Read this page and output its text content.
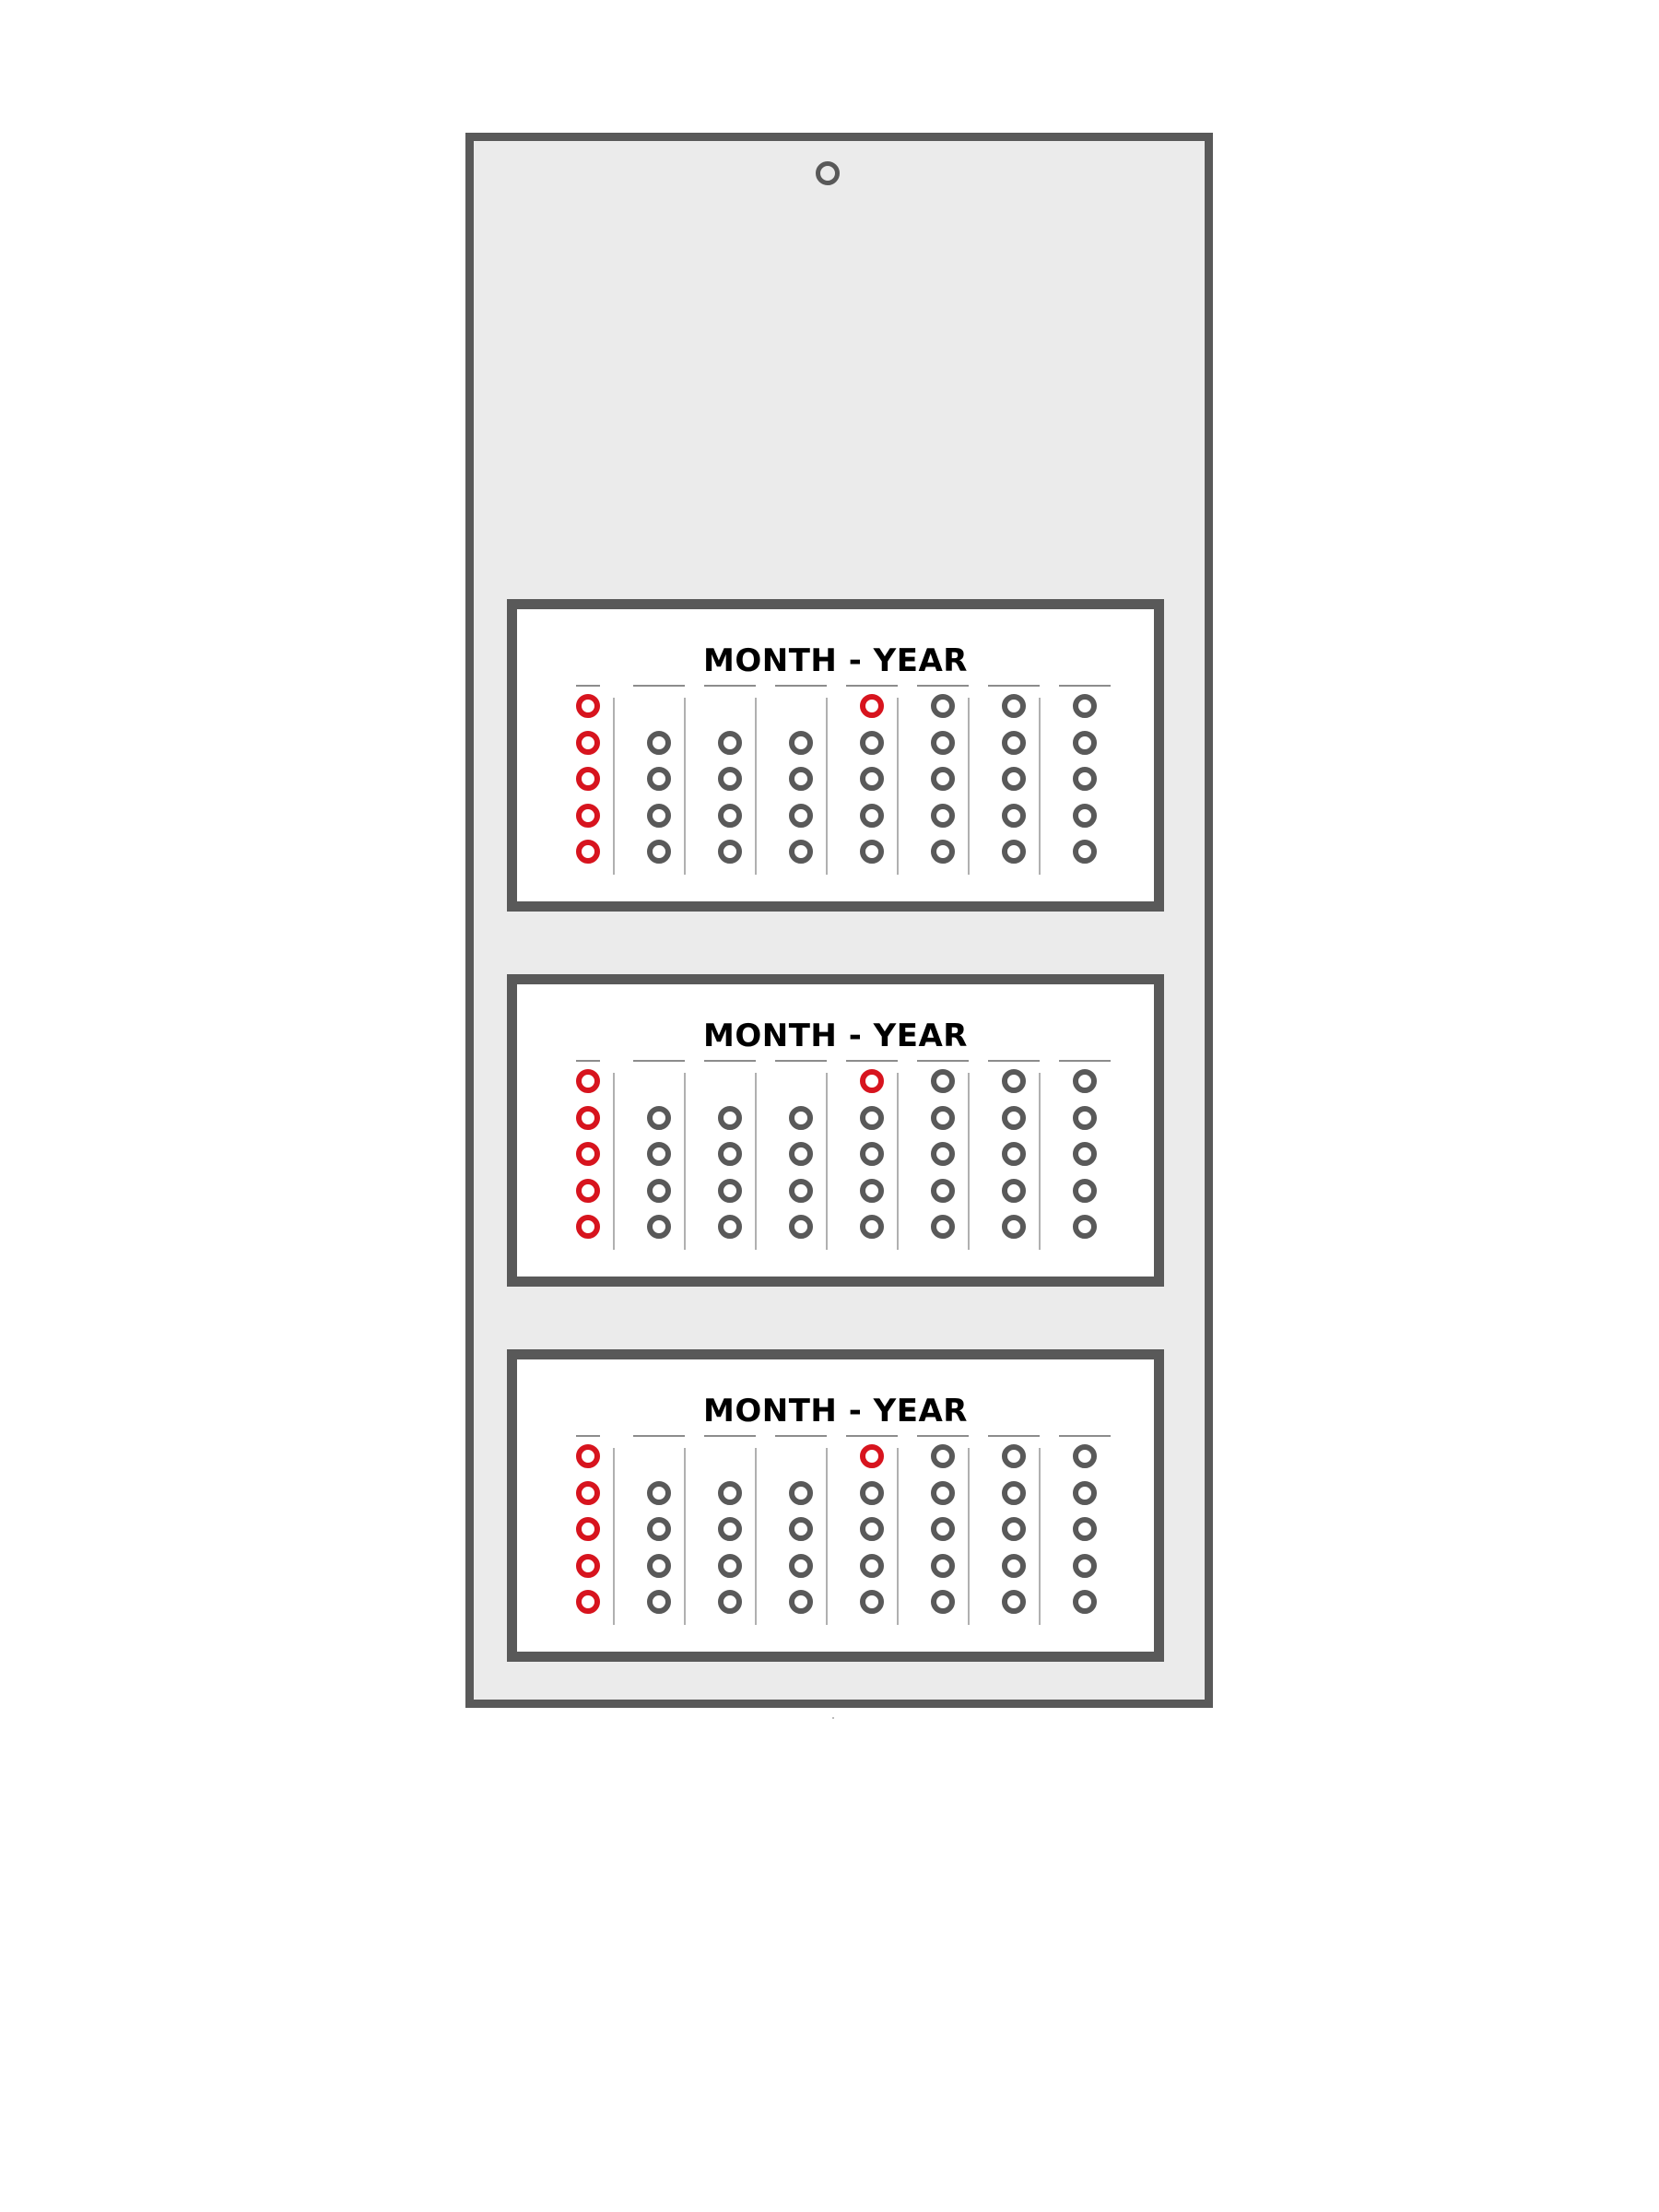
MONTH - YEAR
MONTH - YEAR
MONTH - YEAR
